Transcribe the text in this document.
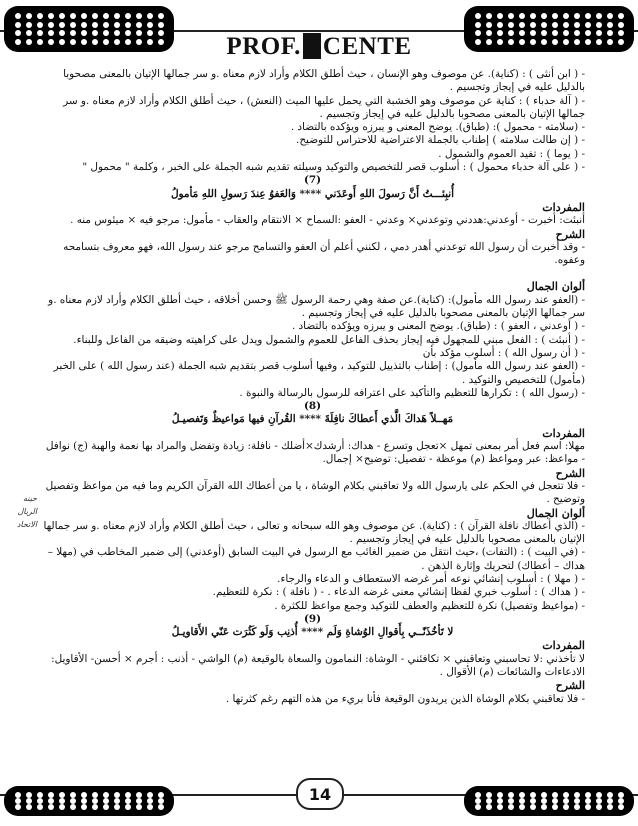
PROF. CENTE
حينه الريال الاتحاد

- ( ابن أنثى ) : (كناية). عن موصوف وهو الإنسان ، حيث أطلق الكلام وأراد لازم معناه .و سر جمالها الإتيان بالمعنى مصحوبا بالدليل عليه في إيجاز وتجسيم .

- ( آلة حدباء ) : كناية عن موصوف وهو الخشبة التي يحمل عليها الميت (النعش) ، حيث أطلق الكلام وأراد لازم معناه .و سر جمالها الإتيان بالمعنى مصحوبا بالدليل عليه في إيجاز وتجسيم .

- (سلامته - محمول ): (طباق). يوضح المعنى و يبرزه ويؤكده بالتضاد .

- ( إن طالت سلامته ) إطناب بالجملة الاعتراضية للاحتراس للتوضيح.

- ( يوما ) : تفيد العموم والشمول .

- ( على آلة حدباء محمول ) : أسلوب قصر للتخصيص والتوكيد وسيلته تقديم شبه الجملة على الخبر ، وكلمة " محمول "

(7)

أُنبِئـــتُ أَنَّ رَسولَ اللهِ أَوعَدَني **** وَالعَفوُ عِندَ رَسولِ اللهِ مَأمولُ

المفردات

أنبئت: أخبرت - أوعدني:هددني وتوعدني× وعدني - العفو :السماح × الانتقام والعقاب - مأمول: مرجو فيه × ميئوس منه .

الشرح

- وقد أخبرت أن رسول الله توعدني أهدر دمي ، لكنني أعلم أن العفو والتسامح مرجو عند رسول الله، فهو معروف بتسامحه وعفوه.

ألوان الجمال

- (العفو عند رسول الله مأمول): (كناية).عن صفة وهي رحمة الرسول ﷺ وحسن أخلاقه ، حيث أطلق الكلام وأراد لازم معناه .و سر جمالها الإتيان بالمعنى مصحوبا بالدليل عليه في إيجاز وتجسيم .

- ( أوعدني ، العفو ) : (طباق). يوضح المعنى و يبرزه ويؤكده بالتضاد .

- ( أنبئت ) : الفعل مبني للمجهول فيه إيجاز بحذف الفاعل للعموم والشمول ويدل على كراهيته وضيقه من الفاعل وللبناء.

- ( أن رسول الله ) : أسلوب مؤكد بأن

- (العفو عند رسول الله مأمول) : إطناب بالتذييل للتوكيد ، وفيها أسلوب قصر بتقديم شبه الجملة (عند رسول الله ) على الخبر (مأمول) للتخصيص والتوكيد .

- (رسول الله ) : تكرارها للتعظيم والتأكيد على اعترافه للرسول بالرسالة والنبوة .

(8)

مَهــلاً هَداكَ الَّذي أَعطاكَ نافِلَةَ **** القُرآنِ فيها مَواعيظٌ وَتَفصيـلُ

المفردات

مهلا: اسم فعل أمر بمعنى تمهل ×تعجل وتسرع - هداك: أرشدك×أضلك - نافلة: زيادة وتفضل والمراد بها نعمة والهبة (ج) نوافل - مواعظ: عبر ومواعظ (م) موعظة - تفصيل: توضيح× إجمال.

الشرح

- فلا تتعجل في الحكم على يارسول الله ولا تعاقبني بكلام الوشاة ، يا من أعطاك الله القرآن الكريم وما فيه من مواعظ وتفصيل وتوضيح .

ألوان الجمال

- (الذي أعطاك نافلة القرآن ) : (كناية). عن موصوف وهو الله سبحانه و تعالى ، حيث أطلق الكلام وأراد لازم معناه .و سر جمالها الإتيان بالمعنى مصحوبا بالدليل عليه في إيجاز وتجسيم .

- (في البيت ) : (التفات) ،حيث انتقل من ضمير الغائب مع الرسول في البيت السابق (أوعدني) إلى ضمير المخاطب في (مهلا – هداك – أعطاك) لتحريك وإثارة الذهن .

- ( مهلا ) : أسلوب إنشائي نوعه أمر غرضه الاستعطاف و الدعاء والرجاء.

- ( هداك ) : أسلوب خبري لفظا إنشائي معنى غرضه الدعاء . - ( نافلة ) : نكرة للتعظيم.

- (مواعيظ وتفصيل) نكرة للتعظيم والعطف للتوكيد وجمع مواعظ للكثرة .

(9)

لا تَأخُذَنّــي بِأَقوالِ الوُشاةِ وَلَم **** أُذنِب وَلَو كَثُرَت عَنّي الأَقاويـلُ

المفردات

لا تأخذني :لا تحاسبني وتعاقبني × تكافئني - الوشاة: النمامون والسعاة بالوقيعة (م) الواشي - أذنب : أجرم × أحسن- الأقاويل: الادعاءات والشائعات (م) الأقوال .

الشرح

- فلا تعاقبني بكلام الوشاة الذين يريدون الوقيعة فأنا بريء من هذه التهم رغم كثرتها .

14
